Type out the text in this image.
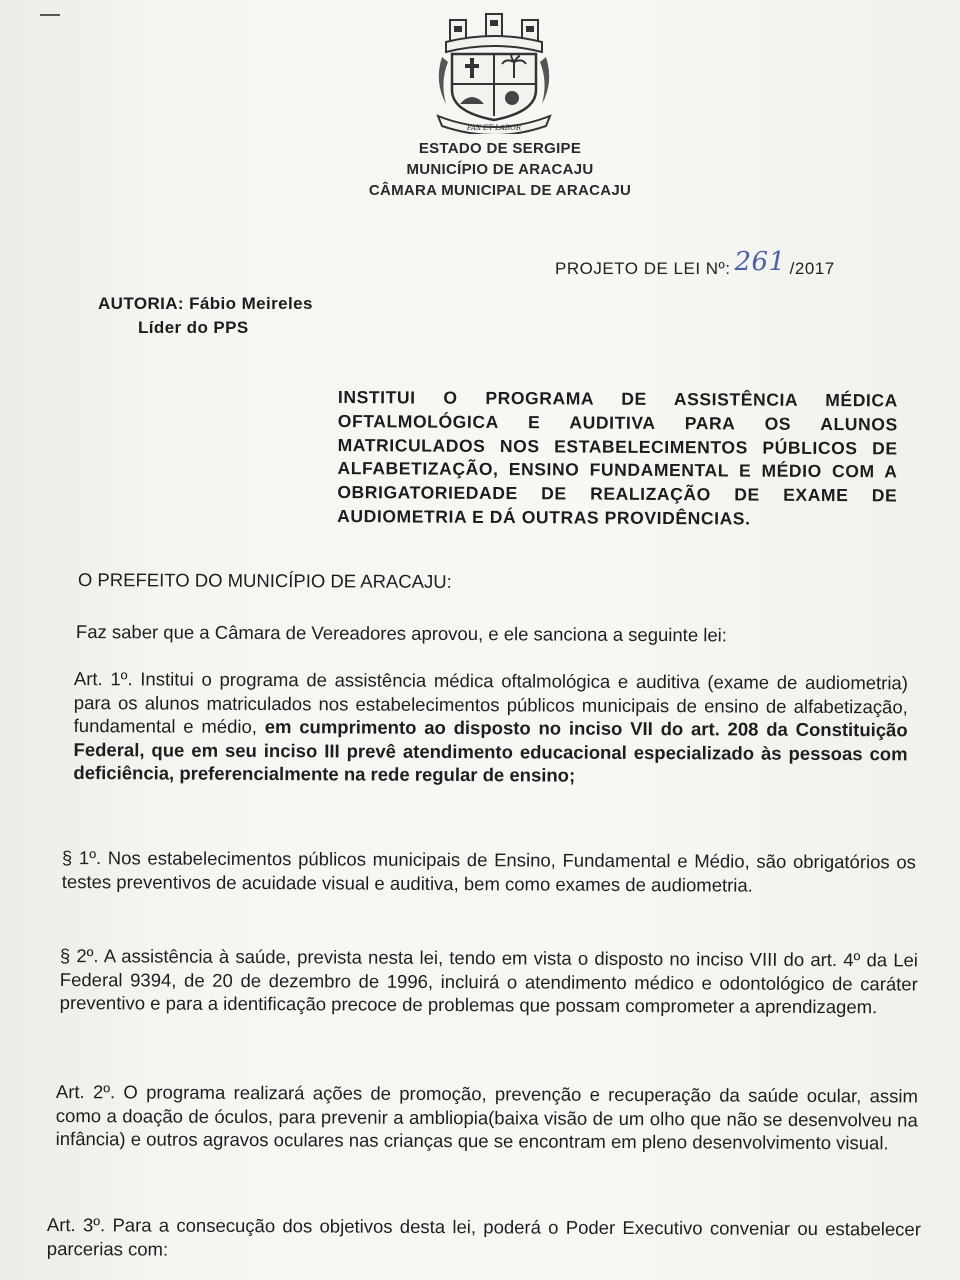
PAX ET LABOR
ESTADO DE SERGIPE
MUNICÍPIO DE ARACAJU
CÂMARA MUNICIPAL DE ARACAJU
PROJETO DE LEI Nº: 261 /2017
AUTORIA: Fábio Meireles
Líder do PPS
INSTITUI O PROGRAMA DE ASSISTÊNCIA MÉDICA OFTALMOLÓGICA E AUDITIVA PARA OS ALUNOS MATRICULADOS NOS ESTABELECIMENTOS PÚBLICOS DE ALFABETIZAÇÃO, ENSINO FUNDAMENTAL E MÉDIO COM A OBRIGATORIEDADE DE REALIZAÇÃO DE EXAME DE AUDIOMETRIA E DÁ OUTRAS PROVIDÊNCIAS.
O PREFEITO DO MUNICÍPIO DE ARACAJU:
Faz saber que a Câmara de Vereadores aprovou, e ele sanciona a seguinte lei:
Art. 1º. Institui o programa de assistência médica oftalmológica e auditiva (exame de audiometria) para os alunos matriculados nos estabelecimentos públicos municipais de ensino de alfabetização, fundamental e médio, em cumprimento ao disposto no inciso VII do art. 208 da Constituição Federal, que em seu inciso III prevê atendimento educacional especializado às pessoas com deficiência, preferencialmente na rede regular de ensino;
§ 1º. Nos estabelecimentos públicos municipais de Ensino, Fundamental e Médio, são obrigatórios os testes preventivos de acuidade visual e auditiva, bem como exames de audiometria.
§ 2º. A assistência à saúde, prevista nesta lei, tendo em vista o disposto no inciso VIII do art. 4º da Lei Federal 9394, de 20 de dezembro de 1996, incluirá o atendimento médico e odontológico de caráter preventivo e para a identificação precoce de problemas que possam comprometer a aprendizagem.
Art. 2º. O programa realizará ações de promoção, prevenção e recuperação da saúde ocular, assim como a doação de óculos, para prevenir a ambliopia(baixa visão de um olho que não se desenvolveu na infância) e outros agravos oculares nas crianças que se encontram em pleno desenvolvimento visual.
Art. 3º. Para a consecução dos objetivos desta lei, poderá o Poder Executivo conveniar ou estabelecer parcerias com:
